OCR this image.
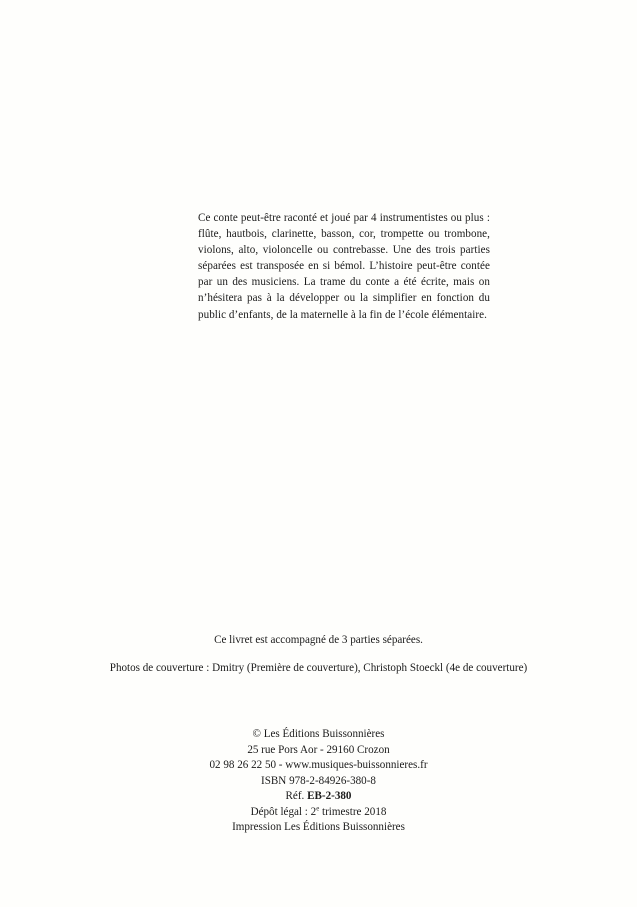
Ce conte peut-être raconté et joué par 4 instrumentistes ou plus : flûte, hautbois, clarinette, basson, cor, trompette ou trombone, violons, alto, violoncelle ou contrebasse. Une des trois parties séparées est transposée en si bémol. L’histoire peut-être contée par un des musiciens. La trame du conte a été écrite, mais on n’hésitera pas à la développer ou la simplifier en fonction du public d’enfants, de la maternelle à la fin de l’école élémentaire.

Ce livret est accompagné de 3 parties séparées.
Photos de couverture : Dmitry (Première de couverture), Christoph Stoeckl (4e de couverture)
© Les Éditions Buissonnières
25 rue Pors Aor - 29160 Crozon
02 98 26 22 50 - www.musiques-buissonnieres.fr
ISBN 978-2-84926-380-8
Réf. EB-2-380
Dépôt légal : 2e trimestre 2018
Impression Les Éditions Buissonnières
